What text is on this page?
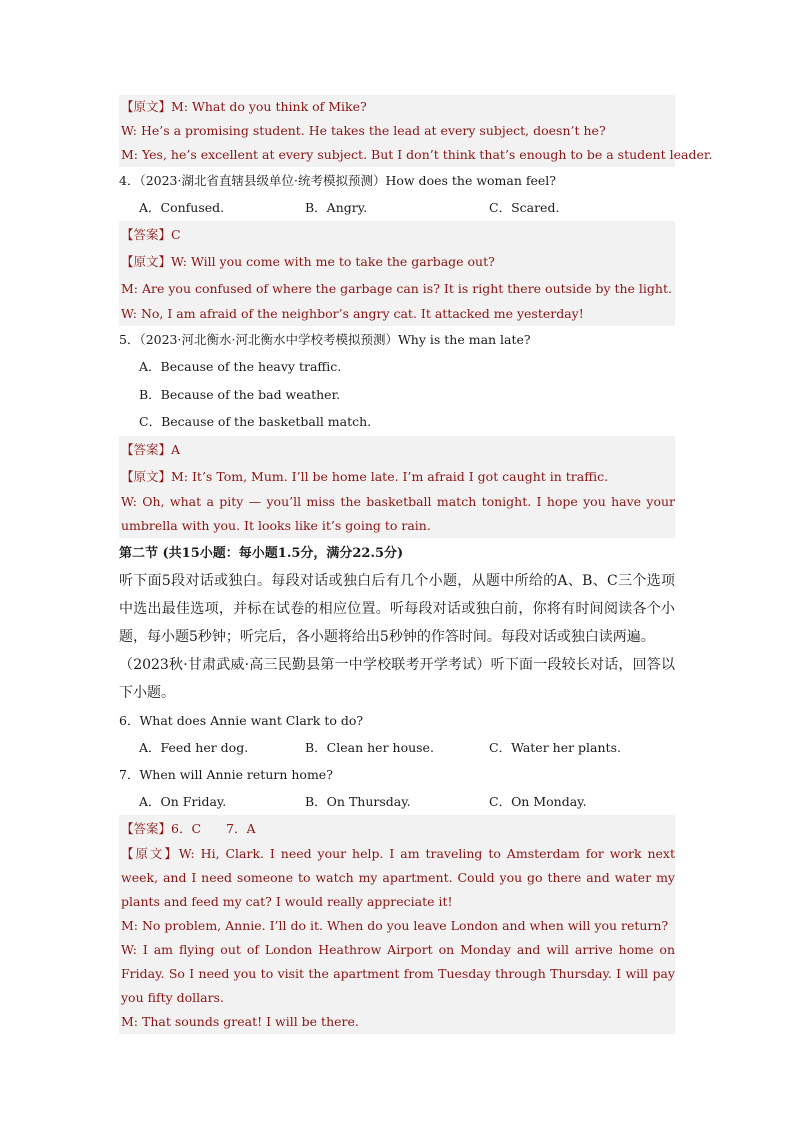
【原文】M: What do you think of Mike?
W: He’s a promising student. He takes the lead at every subject, doesn’t he?
M: Yes, he’s excellent at every subject. But I don’t think that’s enough to be a student leader.
4．（2023·湖北省直辖县级单位·统考模拟预测）How does the woman feel?
A．Confused.	B．Angry.	C．Scared.
【答案】C
【原文】W: Will you come with me to take the garbage out?
M: Are you confused of where the garbage can is? It is right there outside by the light.
W: No, I am afraid of the neighbor’s angry cat. It attacked me yesterday!
5．（2023·河北衡水·河北衡水中学校考模拟预测）Why is the man late?
A．Because of the heavy traffic.
B．Because of the bad weather.
C．Because of the basketball match.
【答案】A
【原文】M: It’s Tom, Mum. I’ll be home late. I’m afraid I got caught in traffic.
W: Oh, what a pity — you’ll miss the basketball match tonight. I hope you have your umbrella with you. It looks like it’s going to rain.
第二节 (共15小题：每小题1.5分，满分22.5分)
听下面5段对话或独白。每段对话或独白后有几个小题，从题中所给的A、B、C三个选项中选出最佳选项，并标在试卷的相应位置。听每段对话或独白前，你将有时间阅读各个小题，每小题5秒钟；听完后，各小题将给出5秒钟的作答时间。每段对话或独白读两遍。
（2023秋·甘肃武威·高三民勤县第一中学校联考开学考试）听下面一段较长对话，回答以下小题。
6．What does Annie want Clark to do?
A．Feed her dog.	B．Clean her house.	C．Water her plants.
7．When will Annie return home?
A．On Friday.	B．On Thursday.	C．On Monday.
【答案】6．C　　7．A
【原文】W: Hi, Clark. I need your help. I am traveling to Amsterdam for work next week, and I need someone to watch my apartment. Could you go there and water my plants and feed my cat? I would really appreciate it!
M: No problem, Annie. I’ll do it. When do you leave London and when will you return?
W: I am flying out of London Heathrow Airport on Monday and will arrive home on Friday. So I need you to visit the apartment from Tuesday through Thursday. I will pay you fifty dollars.
M: That sounds great! I will be there.
